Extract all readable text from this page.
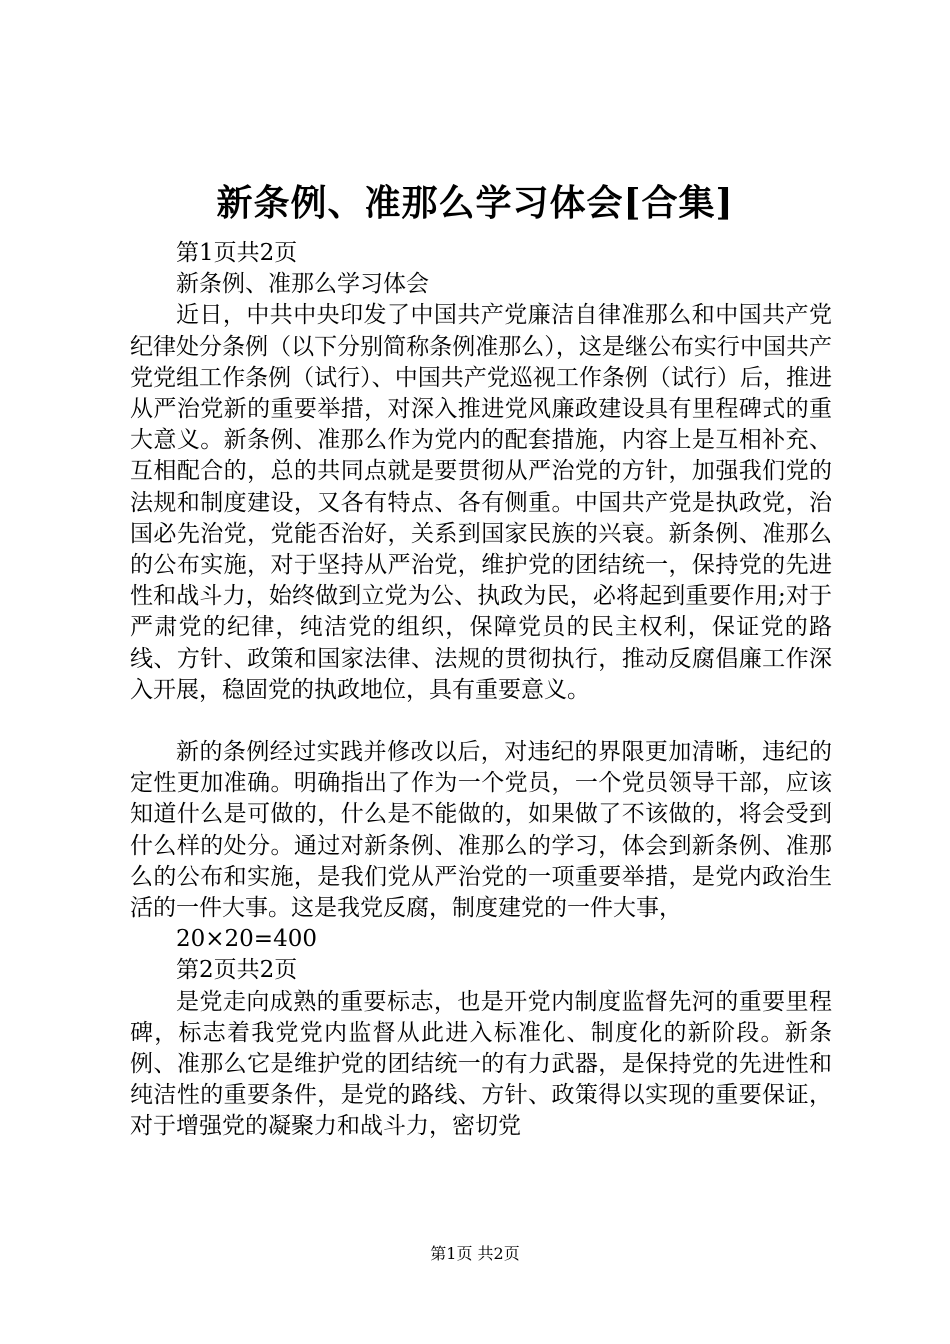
新条例、准那么学习体会[合集]

第1页共2页

新条例、准那么学习体会

近日，中共中央印发了中国共产党廉洁自律准那么和中国共产党纪律处分条例（以下分别简称条例准那么），这是继公布实行中国共产党党组工作条例（试行）、中国共产党巡视工作条例（试行）后，推进从严治党新的重要举措，对深入推进党风廉政建设具有里程碑式的重大意义。新条例、准那么作为党内的配套措施，内容上是互相补充、互相配合的，总的共同点就是要贯彻从严治党的方针，加强我们党的法规和制度建设，又各有特点、各有侧重。中国共产党是执政党，治国必先治党，党能否治好，关系到国家民族的兴衰。新条例、准那么的公布实施，对于坚持从严治党，维护党的团结统一，保持党的先进性和战斗力，始终做到立党为公、执政为民，必将起到重要作用;对于严肃党的纪律，纯洁党的组织，保障党员的民主权利，保证党的路线、方针、政策和国家法律、法规的贯彻执行，推动反腐倡廉工作深入开展，稳固党的执政地位，具有重要意义。

新的条例经过实践并修改以后，对违纪的界限更加清晰，违纪的定性更加准确。明确指出了作为一个党员，一个党员领导干部，应该知道什么是可做的，什么是不能做的，如果做了不该做的，将会受到什么样的处分。通过对新条例、准那么的学习，体会到新条例、准那么的公布和实施，是我们党从严治党的一项重要举措，是党内政治生活的一件大事。这是我党反腐，制度建党的一件大事，

20×20=400

第2页共2页

是党走向成熟的重要标志，也是开党内制度监督先河的重要里程碑，标志着我党党内监督从此进入标准化、制度化的新阶段。新条例、准那么它是维护党的团结统一的有力武器，是保持党的先进性和纯洁性的重要条件，是党的路线、方针、政策得以实现的重要保证，对于增强党的凝聚力和战斗力，密切党

第1页 共2页
